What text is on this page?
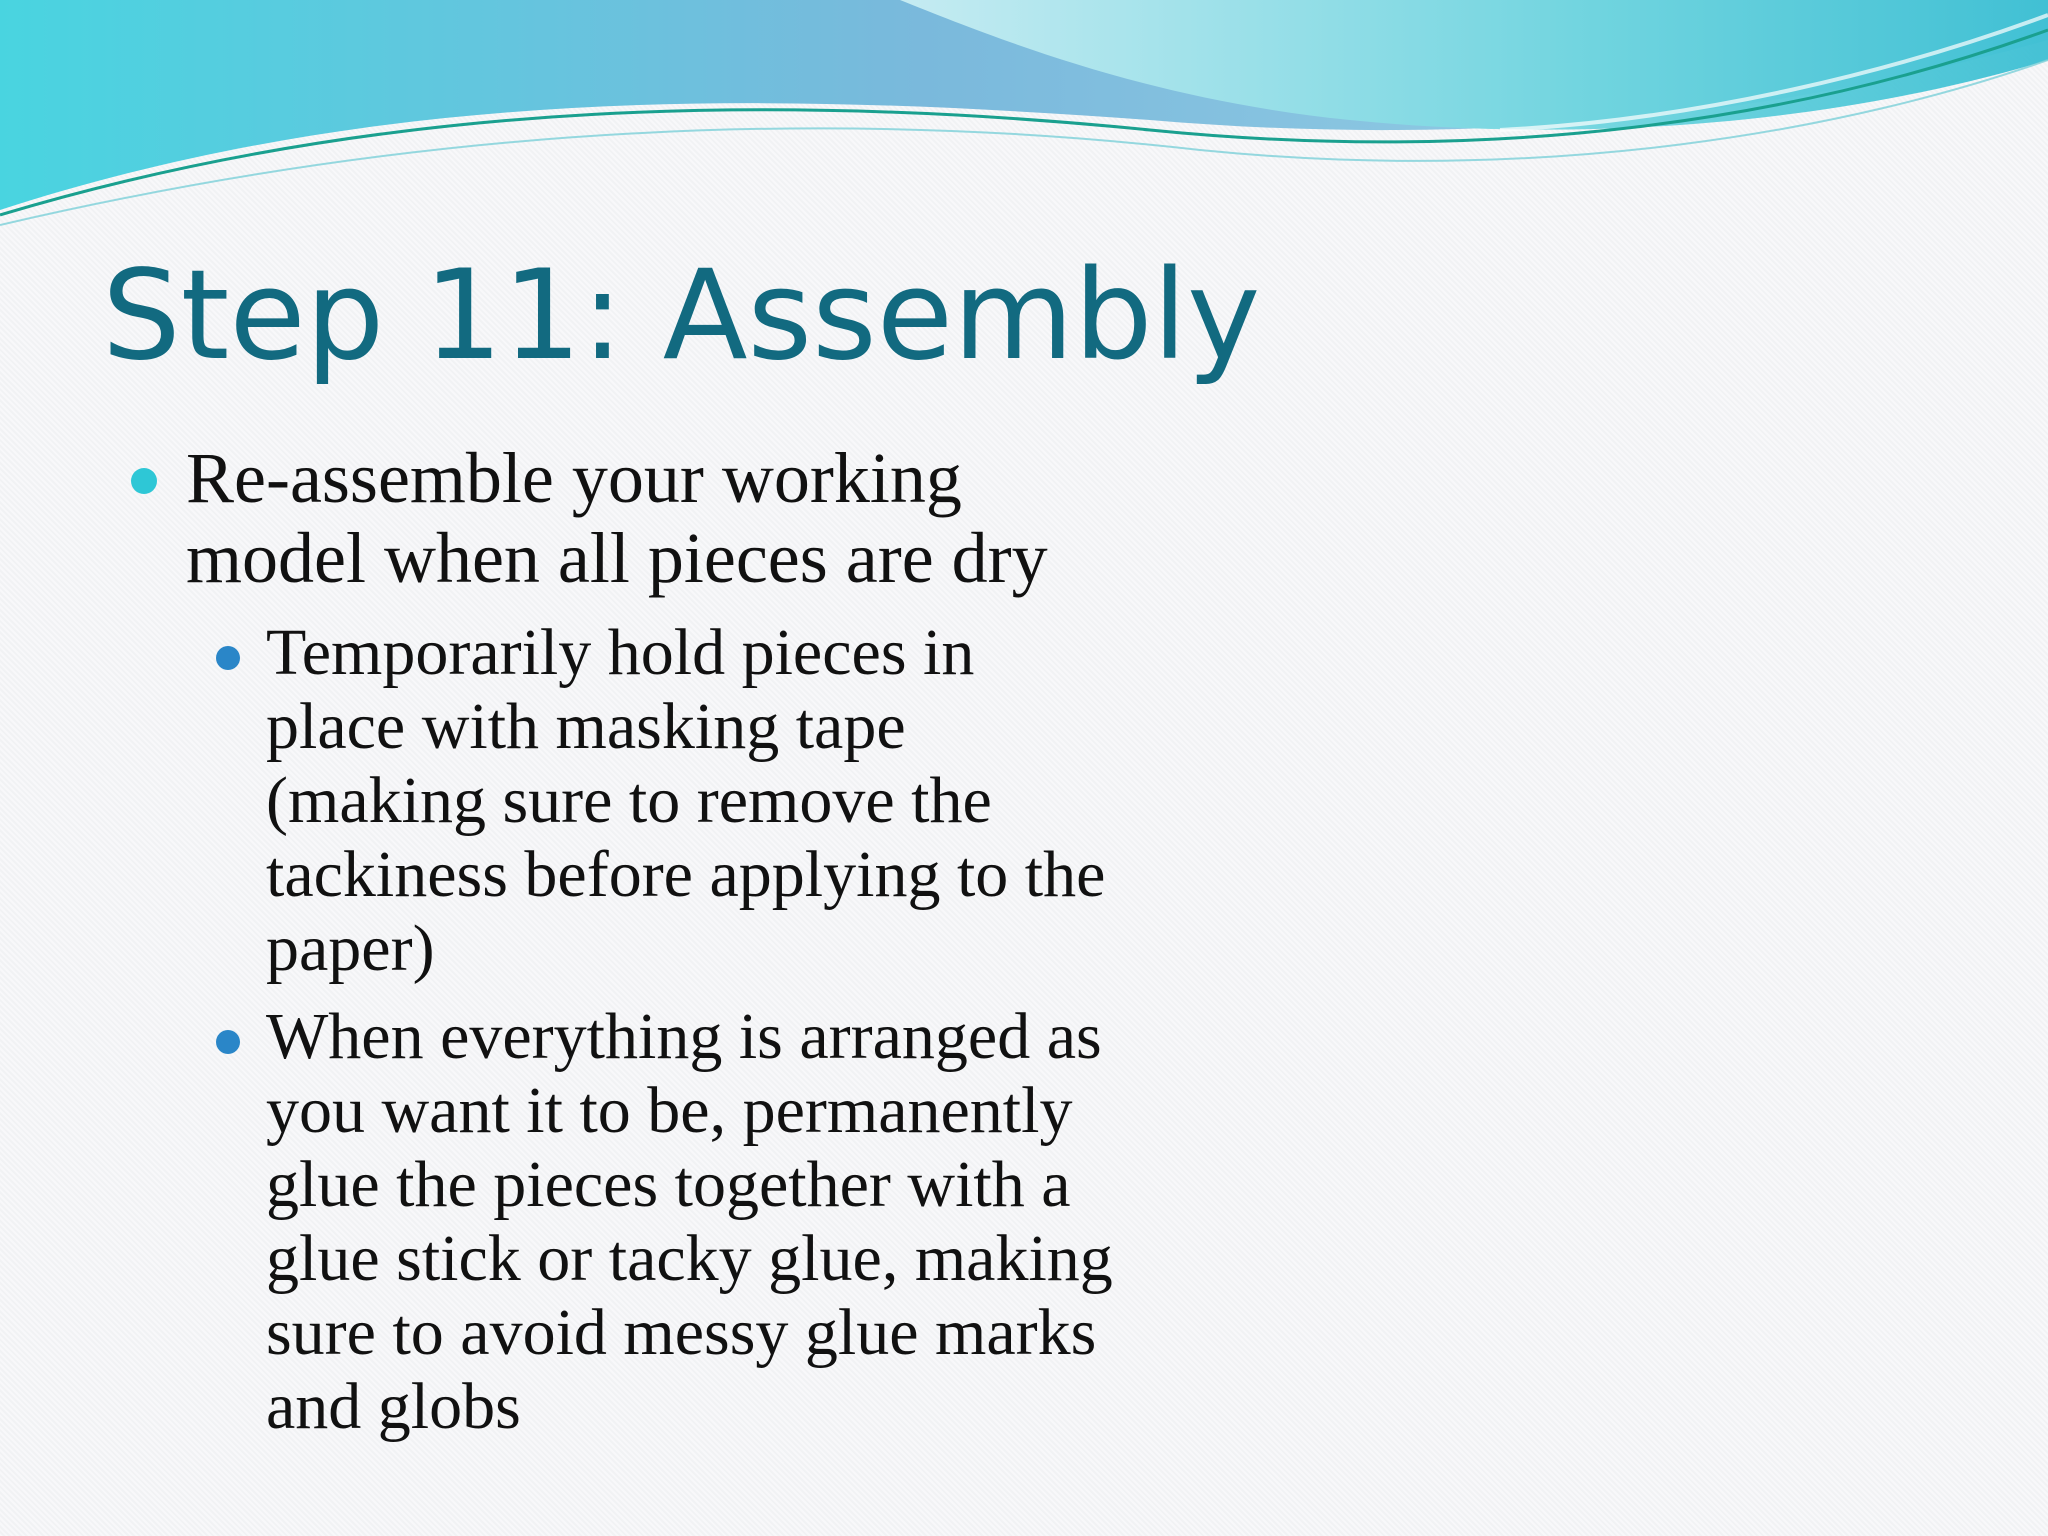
Step 11: Assembly
Re-assemble your working model when all pieces are dry
Temporarily hold pieces in place with masking tape (making sure to remove the tackiness before applying to the paper)
When everything is arranged as you want it to be, permanently glue the pieces together with a glue stick or tacky glue, making sure to avoid messy glue marks and globs
